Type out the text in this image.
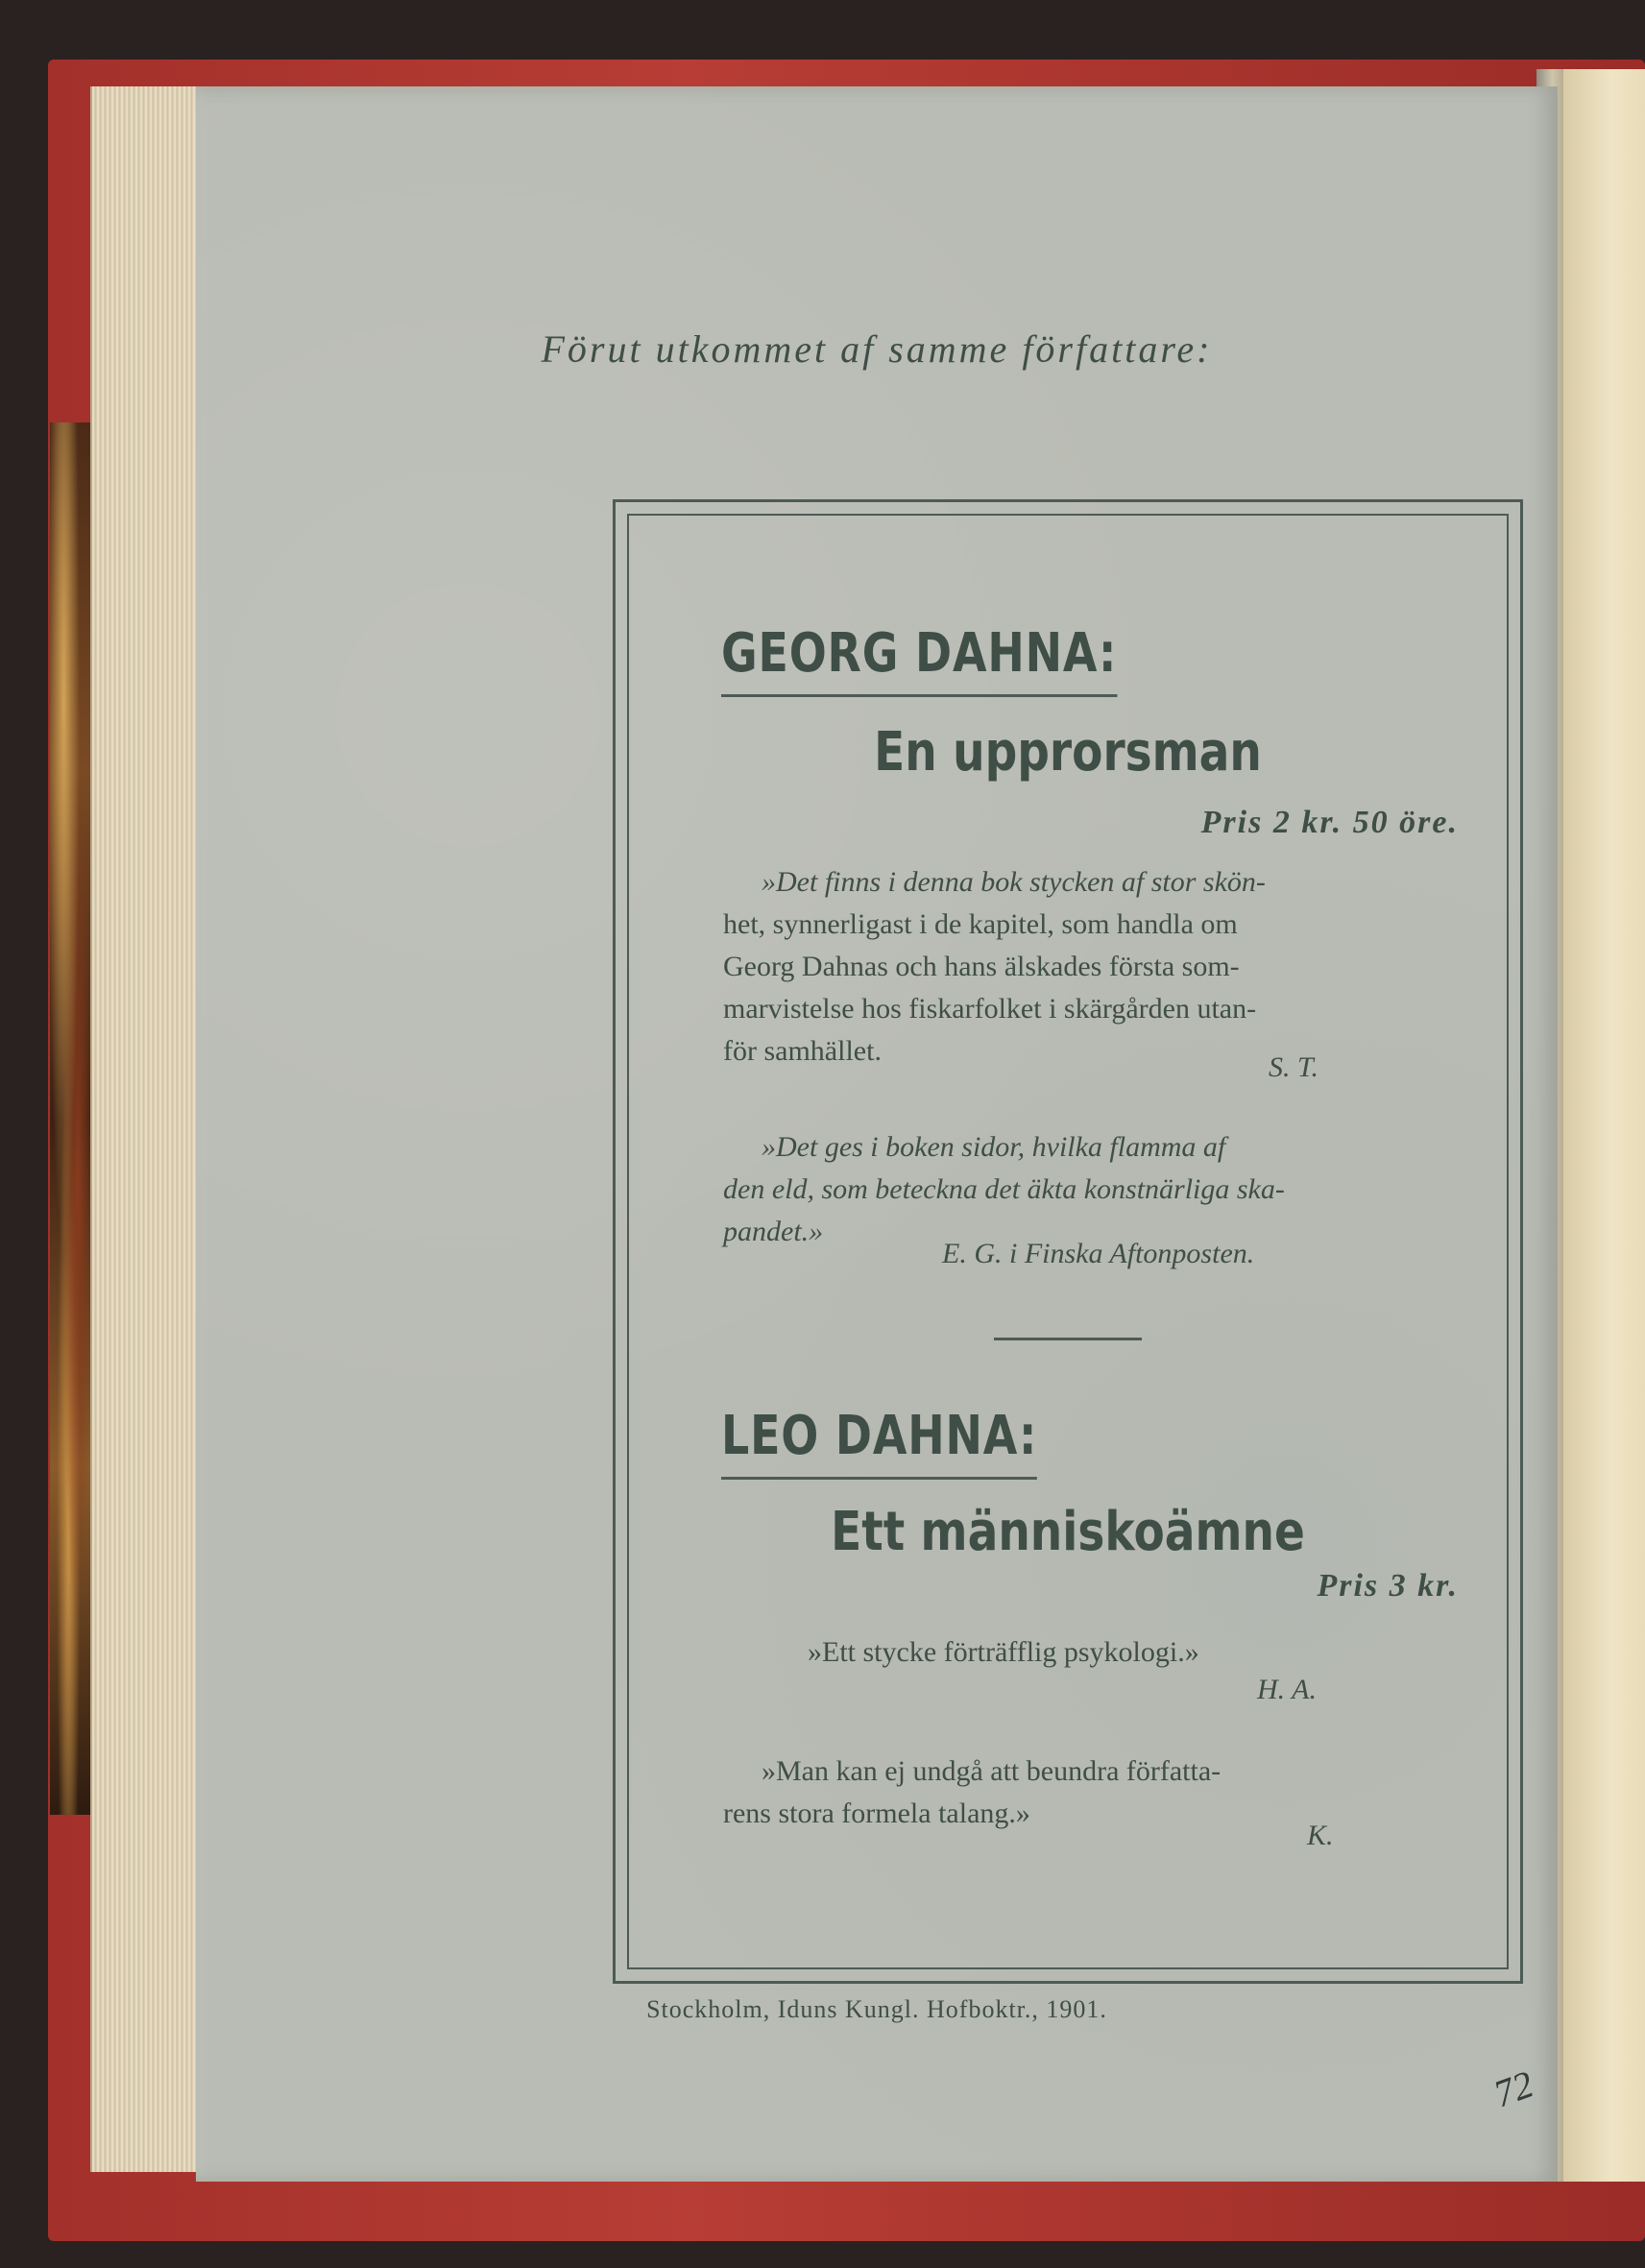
Förut utkommet af samme författare:

GEORG DAHNA:
En upprorsman

Pris 2 kr. 50 öre.

»Det finns i denna bok stycken af stor skön-

het, synnerligast i de kapitel, som handla om

Georg Dahnas och hans älskades första som-

marvistelse hos fiskarfolket i skärgården utan-

för samhället.

S. T.

»Det ges i boken sidor, hvilka flamma af

den eld, som beteckna det äkta konstnärliga ska-

pandet.»

E. G. i Finska Aftonposten.

LEO DAHNA:
Ett människoämne

Pris 3 kr.

»Ett stycke förträfflig psykologi.»

H. A.

»Man kan ej undgå att beundra författa-

rens stora formela talang.»

K.

Stockholm, Iduns Kungl. Hofboktr., 1901.

72
